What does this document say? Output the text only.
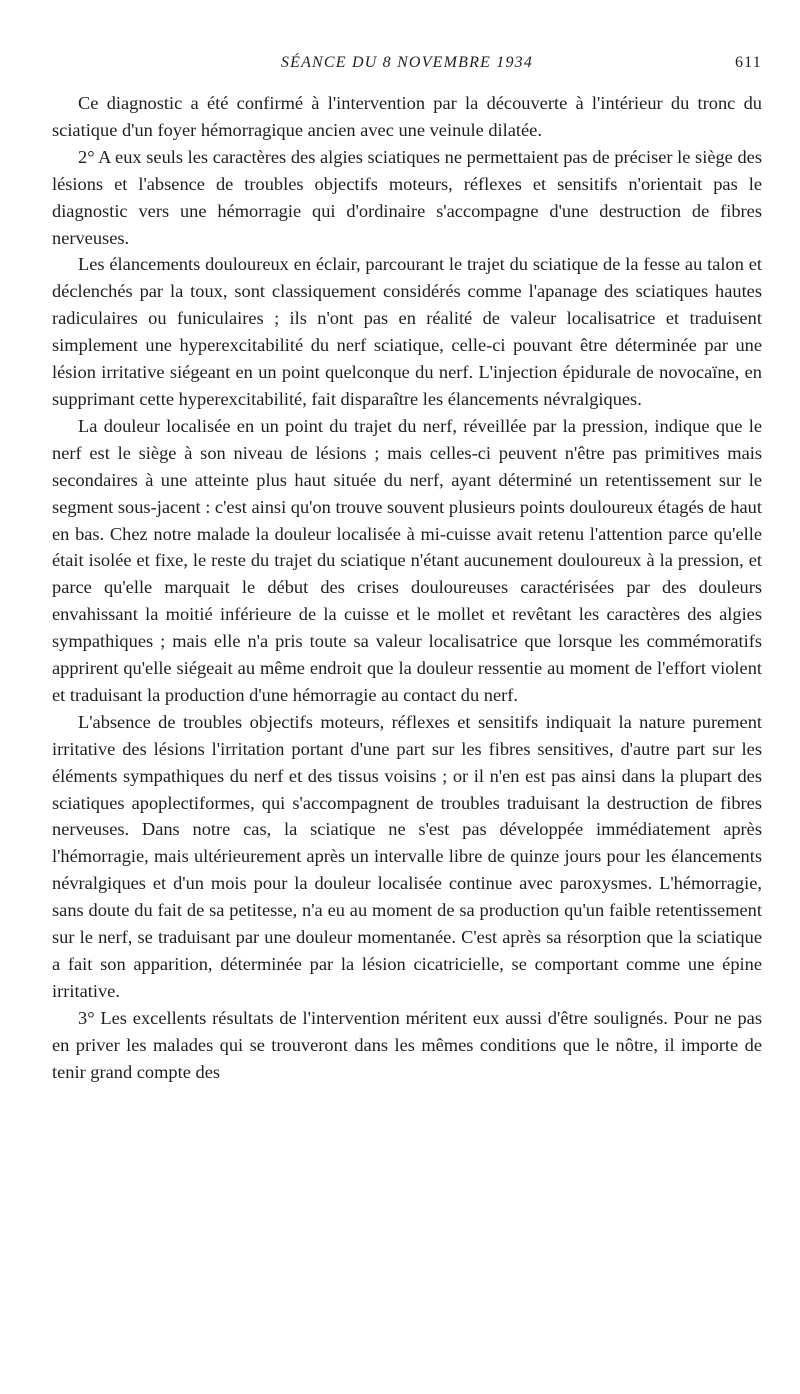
SÉANCE DU 8 NOVEMBRE 1934	611

Ce diagnostic a été confirmé à l'intervention par la découverte à l'intérieur du tronc du sciatique d'un foyer hémorragique ancien avec une veinule dilatée.

2° A eux seuls les caractères des algies sciatiques ne permettaient pas de préciser le siège des lésions et l'absence de troubles objectifs moteurs, réflexes et sensitifs n'orientait pas le diagnostic vers une hémorragie qui d'ordinaire s'accompagne d'une destruction de fibres nerveuses.

Les élancements douloureux en éclair, parcourant le trajet du sciatique de la fesse au talon et déclenchés par la toux, sont classiquement considérés comme l'apanage des sciatiques hautes radiculaires ou funiculaires ; ils n'ont pas en réalité de valeur localisatrice et traduisent simplement une hyperexcitabilité du nerf sciatique, celle-ci pouvant être déterminée par une lésion irritative siégeant en un point quelconque du nerf. L'injection épidurale de novocaïne, en supprimant cette hyperexcitabilité, fait disparaître les élancements névralgiques.

La douleur localisée en un point du trajet du nerf, réveillée par la pression, indique que le nerf est le siège à son niveau de lésions ; mais celles-ci peuvent n'être pas primitives mais secondaires à une atteinte plus haut située du nerf, ayant déterminé un retentissement sur le segment sous-jacent : c'est ainsi qu'on trouve souvent plusieurs points douloureux étagés de haut en bas. Chez notre malade la douleur localisée à mi-cuisse avait retenu l'attention parce qu'elle était isolée et fixe, le reste du trajet du sciatique n'étant aucunement douloureux à la pression, et parce qu'elle marquait le début des crises douloureuses caractérisées par des douleurs envahissant la moitié inférieure de la cuisse et le mollet et revêtant les caractères des algies sympathiques ; mais elle n'a pris toute sa valeur localisatrice que lorsque les commémoratifs apprirent qu'elle siégeait au même endroit que la douleur ressentie au moment de l'effort violent et traduisant la production d'une hémorragie au contact du nerf.

L'absence de troubles objectifs moteurs, réflexes et sensitifs indiquait la nature purement irritative des lésions l'irritation portant d'une part sur les fibres sensitives, d'autre part sur les éléments sympathiques du nerf et des tissus voisins ; or il n'en est pas ainsi dans la plupart des sciatiques apoplectiformes, qui s'accompagnent de troubles traduisant la destruction de fibres nerveuses. Dans notre cas, la sciatique ne s'est pas développée immédiatement après l'hémorragie, mais ultérieurement après un intervalle libre de quinze jours pour les élancements névralgiques et d'un mois pour la douleur localisée continue avec paroxysmes. L'hémorragie, sans doute du fait de sa petitesse, n'a eu au moment de sa production qu'un faible retentissement sur le nerf, se traduisant par une douleur momentanée. C'est après sa résorption que la sciatique a fait son apparition, déterminée par la lésion cicatricielle, se comportant comme une épine irritative.

3° Les excellents résultats de l'intervention méritent eux aussi d'être soulignés. Pour ne pas en priver les malades qui se trouveront dans les mêmes conditions que le nôtre, il importe de tenir grand compte des
